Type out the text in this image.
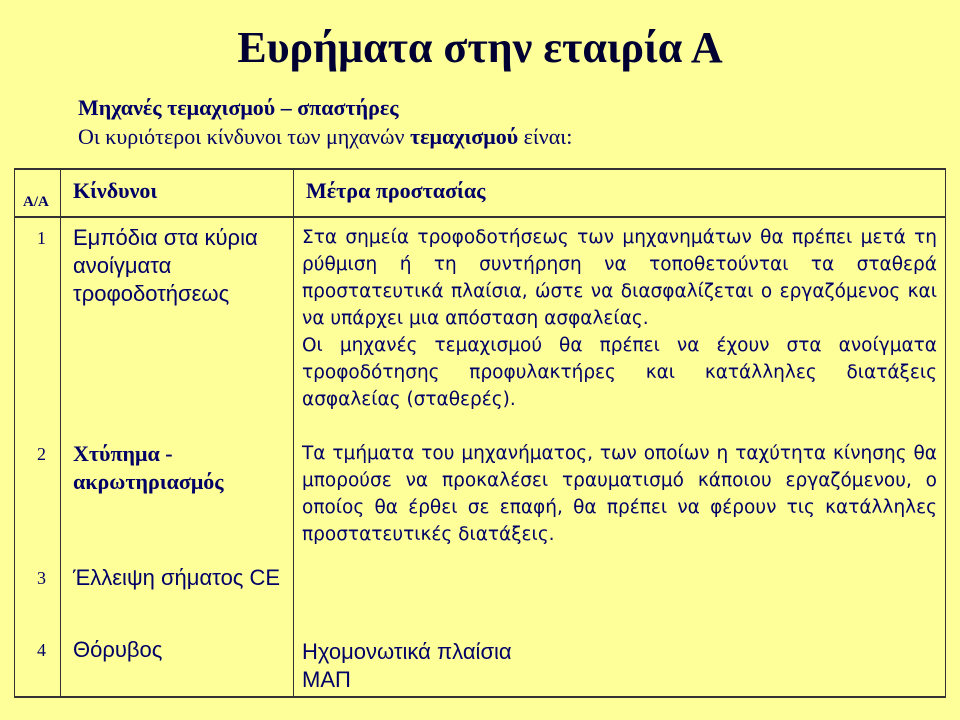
Ευρήματα στην εταιρία Α
Μηχανές τεμαχισμού – σπαστήρες
Οι κυριότεροι κίνδυνοι των μηχανών τεμαχισμού είναι:
Α/Α	Κίνδυνοι	Μέτρα προστασίας

1	Εμπόδια στα κύρια ανοίγματα τροφοδοτήσεως	Στα σημεία τροφοδοτήσεως των μηχανημάτων θα πρέπει μετά τη ρύθμιση ή τη συντήρηση να τοποθετούνται τα σταθερά προστατευτικά πλαίσια, ώστε να διασφαλίζεται ο εργαζόμενος και να υπάρχει μια απόσταση ασφαλείας.
Οι μηχανές τεμαχισμού θα πρέπει να έχουν στα ανοίγματα τροφοδότησης προφυλακτήρες και κατάλληλες διατάξεις ασφαλείας (σταθερές).

2	Χτύπημα - ακρωτηριασμός	Τα τμήματα του μηχανήματος, των οποίων η ταχύτητα κίνησης θα μπορούσε να προκαλέσει τραυματισμό κάποιου εργαζόμενου, ο οποίος θα έρθει σε επαφή, θα πρέπει να φέρουν τις κατάλληλες προστατευτικές διατάξεις.

3	Έλλειψη σήματος CE	

4	Θόρυβος	Ηχομονωτικά πλαίσια ΜΑΠ
